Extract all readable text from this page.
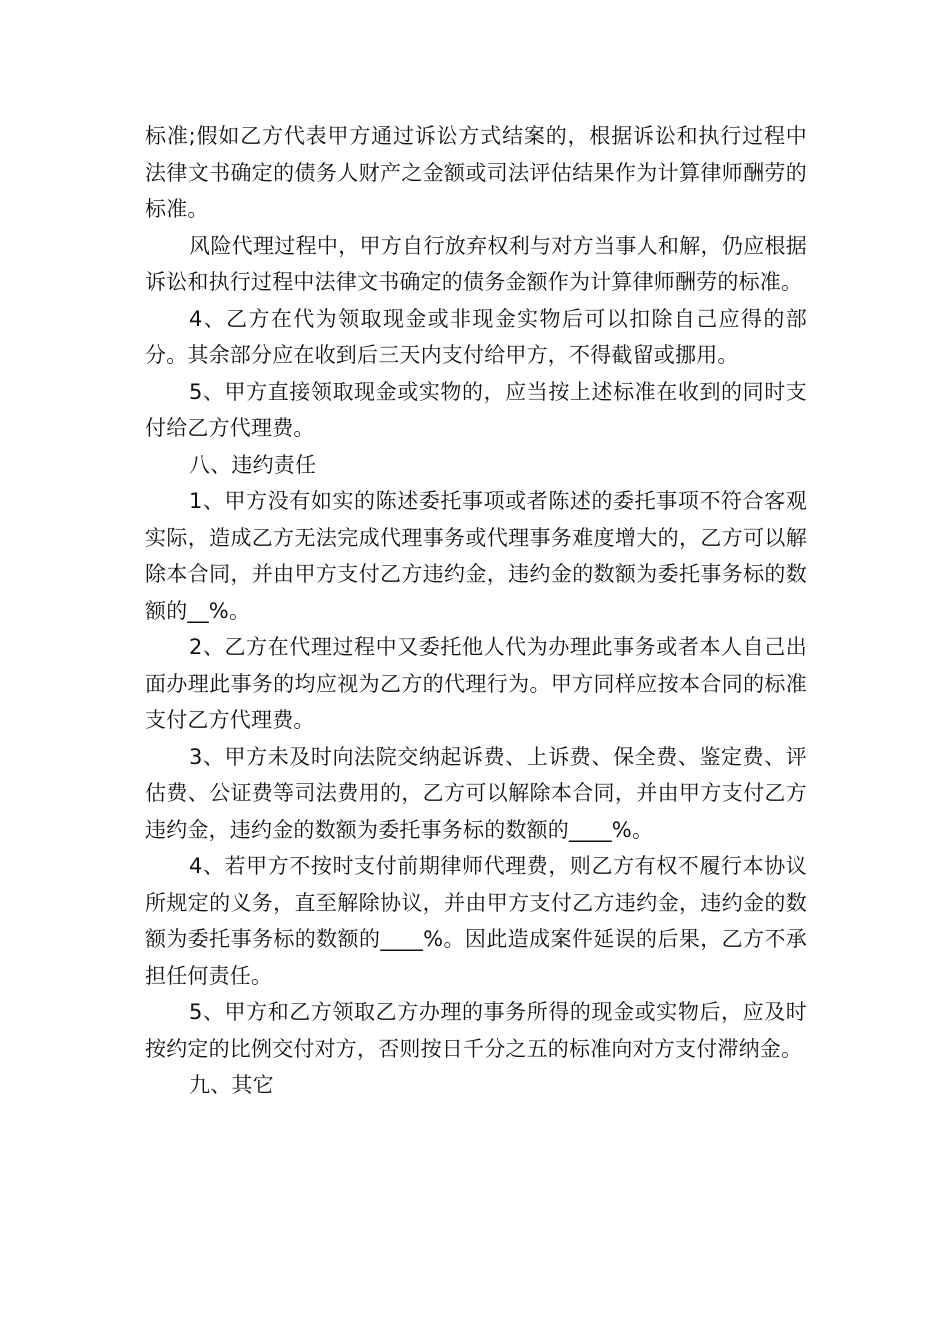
标准;假如乙方代表甲方通过诉讼方式结案的，根据诉讼和执行过程中法律文书确定的债务人财产之金额或司法评估结果作为计算律师酬劳的标准。

风险代理过程中，甲方自行放弃权利与对方当事人和解，仍应根据诉讼和执行过程中法律文书确定的债务金额作为计算律师酬劳的标准。

4、乙方在代为领取现金或非现金实物后可以扣除自己应得的部分。其余部分应在收到后三天内支付给甲方，不得截留或挪用。

5、甲方直接领取现金或实物的，应当按上述标准在收到的同时支付给乙方代理费。

八、违约责任

1、甲方没有如实的陈述委托事项或者陈述的委托事项不符合客观实际，造成乙方无法完成代理事务或代理事务难度增大的，乙方可以解除本合同，并由甲方支付乙方违约金，违约金的数额为委托事务标的数额的__%。

2、乙方在代理过程中又委托他人代为办理此事务或者本人自己出面办理此事务的均应视为乙方的代理行为。甲方同样应按本合同的标准支付乙方代理费。

3、甲方未及时向法院交纳起诉费、上诉费、保全费、鉴定费、评估费、公证费等司法费用的，乙方可以解除本合同，并由甲方支付乙方违约金，违约金的数额为委托事务标的数额的____%。

4、若甲方不按时支付前期律师代理费，则乙方有权不履行本协议所规定的义务，直至解除协议，并由甲方支付乙方违约金，违约金的数额为委托事务标的数额的____%。因此造成案件延误的后果，乙方不承担任何责任。

5、甲方和乙方领取乙方办理的事务所得的现金或实物后，应及时按约定的比例交付对方，否则按日千分之五的标准向对方支付滞纳金。

九、其它
